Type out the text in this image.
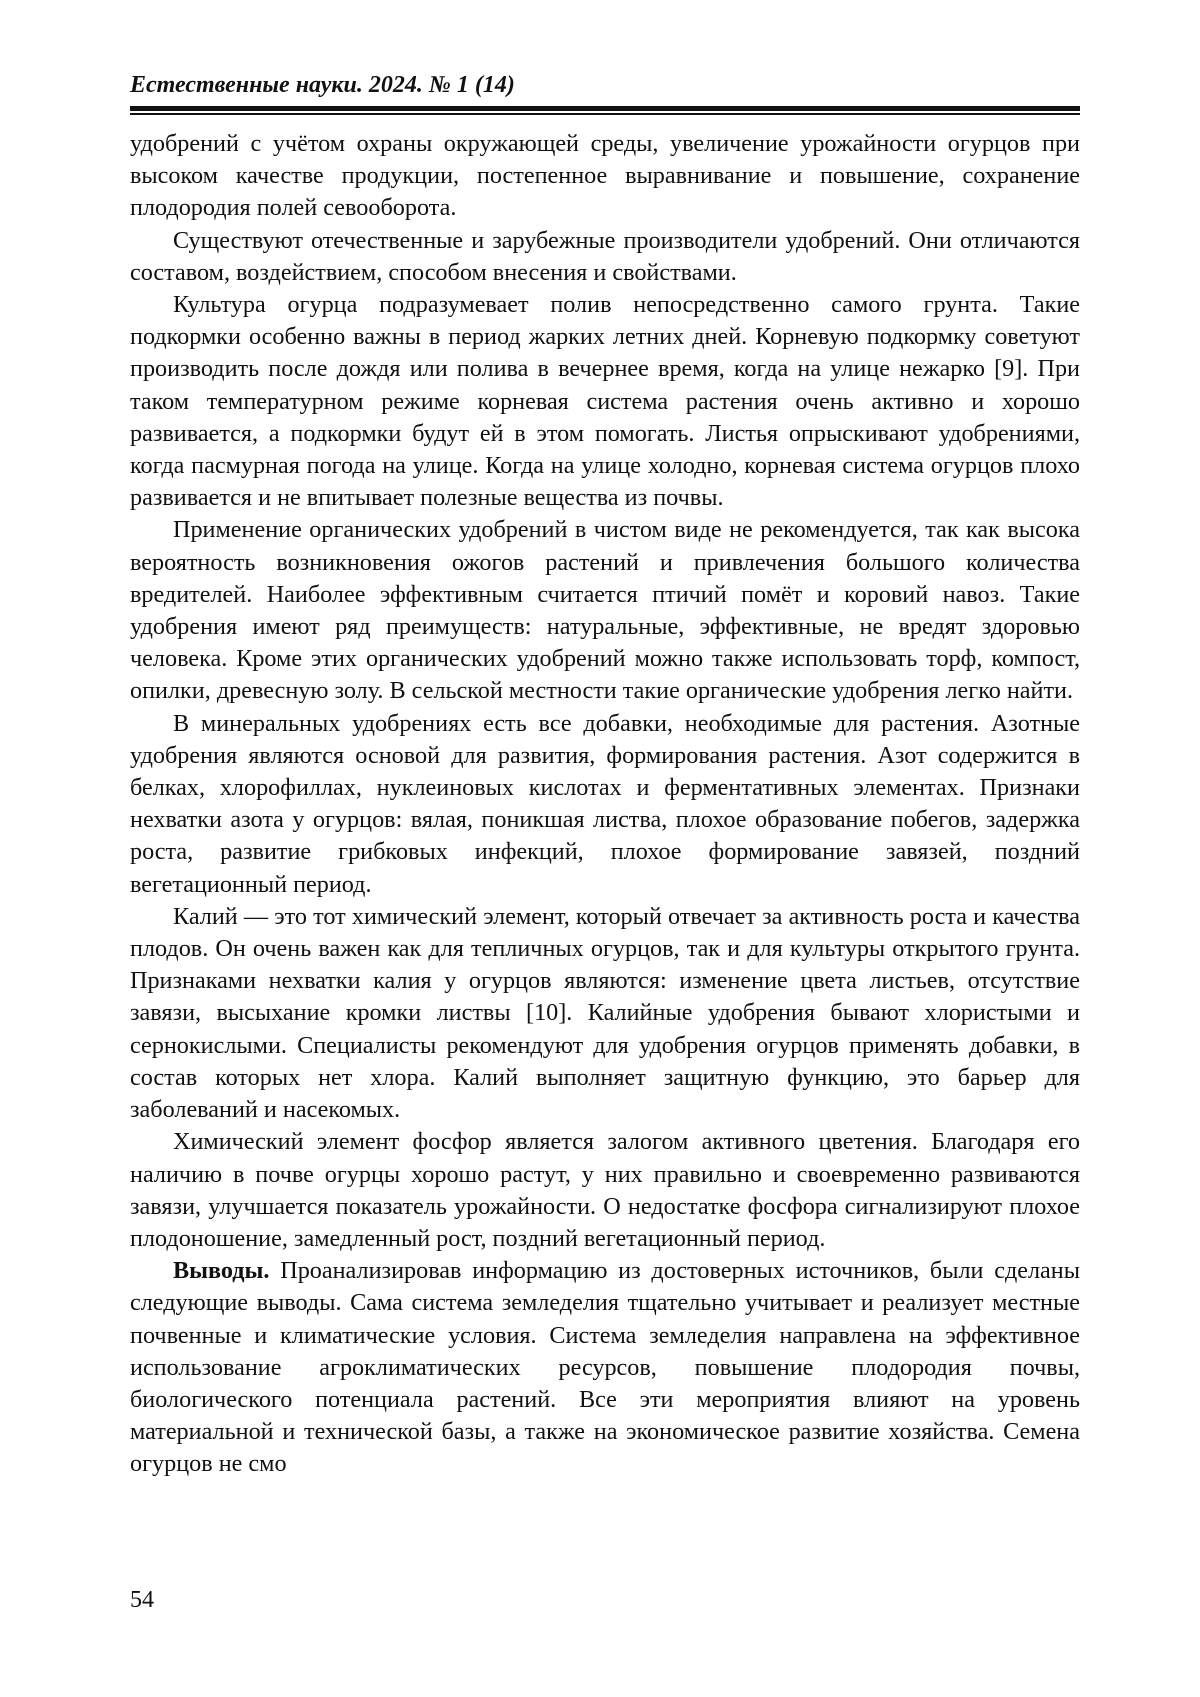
Естественные науки. 2024. № 1 (14)

удобрений с учётом охраны окружающей среды, увеличение урожайности огурцов при высоком качестве продукции, постепенное выравнивание и по­вышение, сохранение плодородия полей севооборота.

Существуют отечественные и зарубежные производители удобрений. Они отличаются составом, воздействием, способом внесения и свойствами.

Культура огурца подразумевает полив непосредственно самого грунта. Такие подкормки особенно важны в период жарких летних дней. Корневую подкормку советуют производить после дождя или полива в вечернее время, когда на улице нежарко [9]. При таком температурном режиме корневая си­стема растения очень активно и хорошо развивается, а подкормки будут ей в этом помогать. Листья опрыскивают удобрениями, когда пасмурная по­года на улице. Когда на улице холодно, корневая система огурцов плохо раз­вивается и не впитывает полезные вещества из почвы.

Применение органических удобрений в чистом виде не рекомендуется, так как высока вероятность возникновения ожогов растений и привлечения большого количества вредителей. Наиболее эффективным считается птичий помёт и коровий навоз. Такие удобрения имеют ряд преимуществ: натураль­ные, эффективные, не вредят здоровью человека. Кроме этих органических удобрений можно также использовать торф, компост, опилки, древесную золу. В сельской местности такие органические удобрения легко найти.

В минеральных удобрениях есть все добавки, необходимые для растения. Азотные удобрения являются основой для развития, формирования растения. Азот содержится в белках, хлорофиллах, нуклеиновых кислотах и фермента­тивных элементах. Признаки нехватки азота у огурцов: вялая, поникшая листва, плохое образование побегов, задержка роста, развитие грибковых инфекций, плохое формирование завязей, поздний вегетационный период.

Калий — это тот химический элемент, который отвечает за активность роста и качества плодов. Он очень важен как для тепличных огурцов, так и для культуры открытого грунта. Признаками нехватки калия у огурцов яв­ляются: изменение цвета листьев, отсутствие завязи, высыхание кромки листвы [10]. Калийные удобрения бывают хлористыми и сернокислыми. Специалисты рекомендуют для удобрения огурцов применять добавки, в со­став которых нет хлора. Калий выполняет защитную функцию, это барьер для заболеваний и насекомых.

Химический элемент фосфор является залогом активного цветения. Бла­годаря его наличию в почве огурцы хорошо растут, у них правильно и свое­временно развиваются завязи, улучшается показатель урожайности. О недо­статке фосфора сигнализируют плохое плодоношение, замедленный рост, поздний вегетационный период.

Выводы. Проанализировав информацию из достоверных источников, были сделаны следующие выводы. Сама система земледелия тщательно учи­тывает и реализует местные почвенные и климатические условия. Система земледелия направлена на эффективное использование агроклиматических ресурсов, повышение плодородия почвы, биологического потенциала расте­ний. Все эти мероприятия влияют на уровень материальной и технической базы, а также на экономическое развитие хозяйства. Семена огурцов не смо­

54
